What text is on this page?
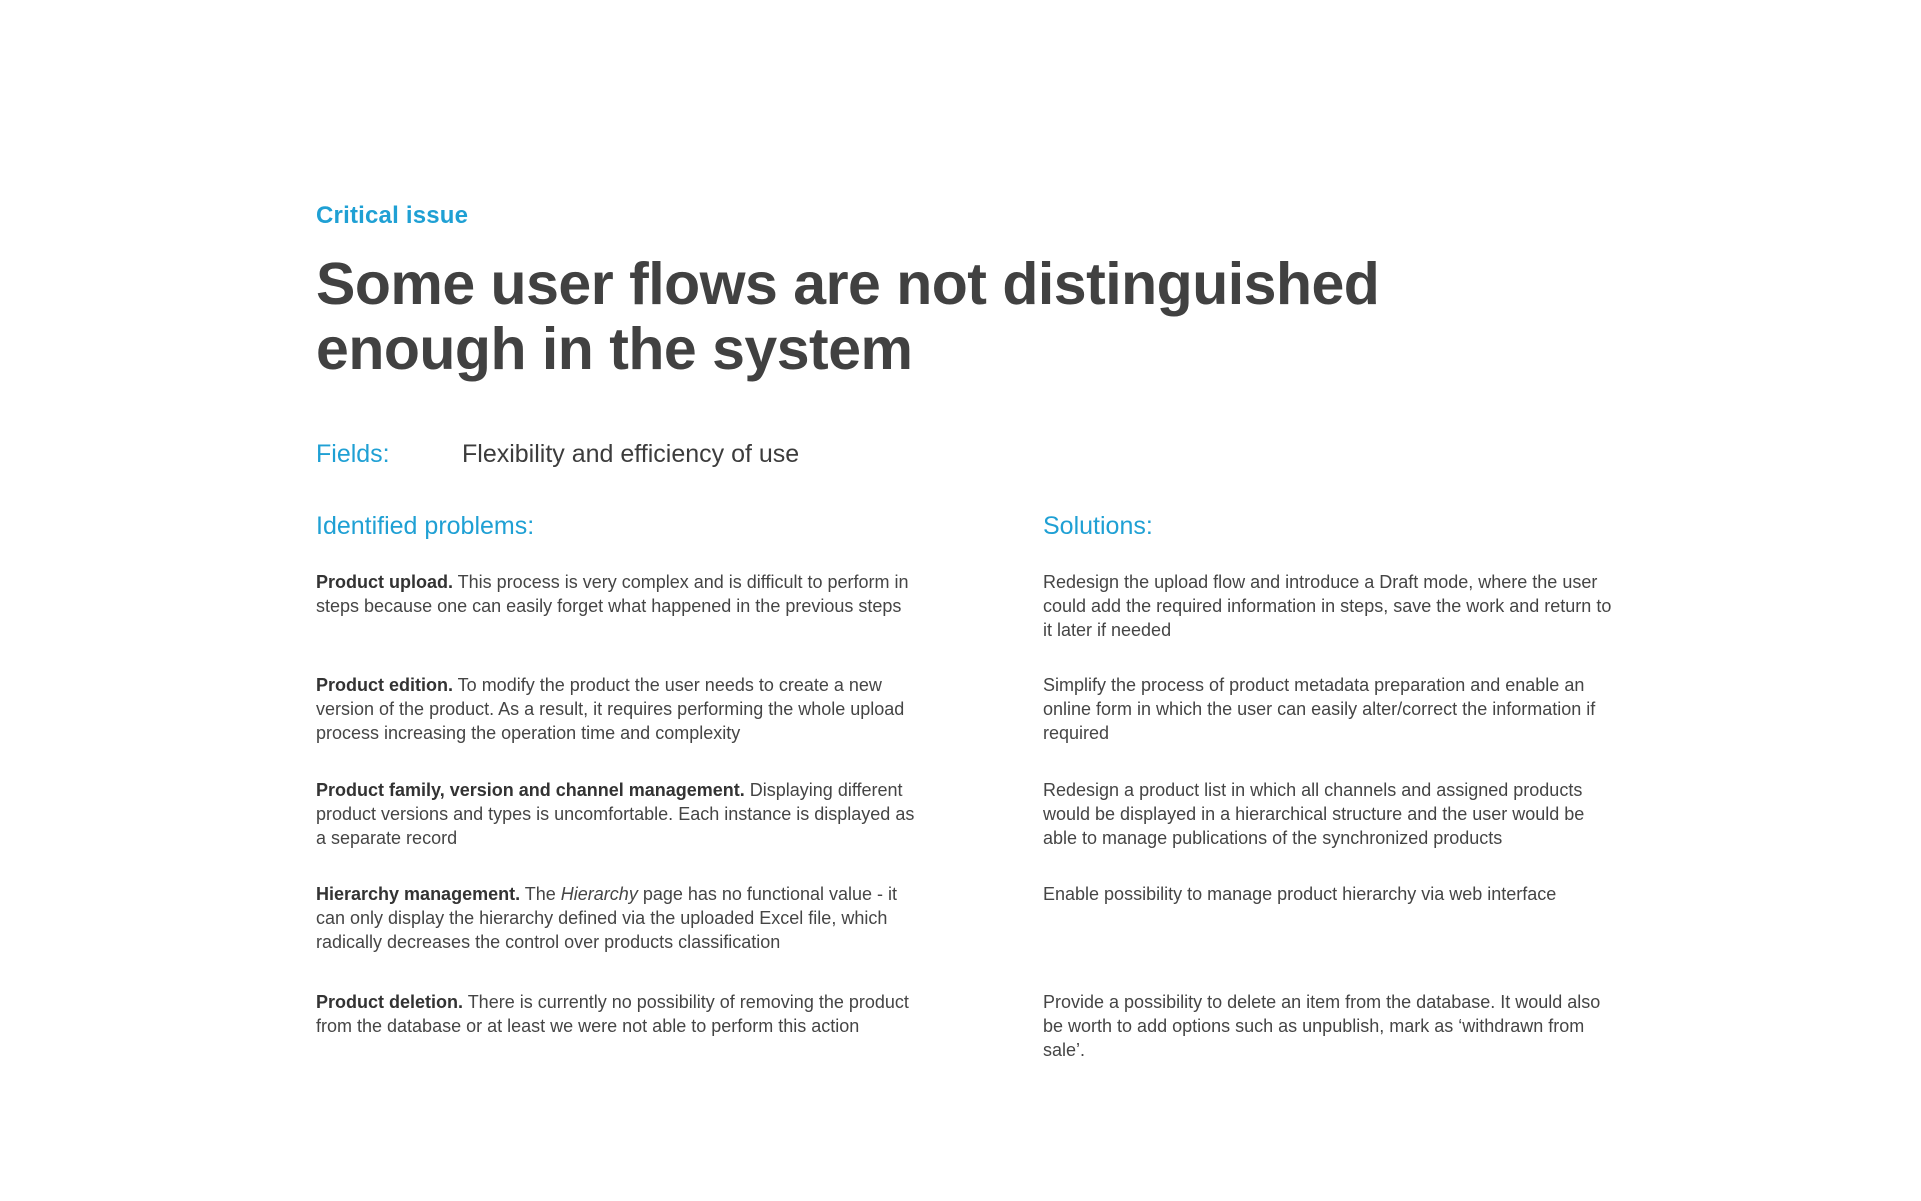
Critical issue
Some user flows are not distinguished enough in the system
Fields:	Flexibility and efficiency of use
Identified problems:	Solutions:

Product upload. This process is very complex and is difficult to perform in steps because one can easily forget what happened in the previous steps

Product edition. To modify the product the user needs to create a new version of the product. As a result, it requires performing the whole upload process increasing the operation time and complexity

Product family, version and channel management. Displaying different product versions and types is uncomfortable. Each instance is displayed as a separate record

Hierarchy management. The Hierarchy page has no functional value - it can only display the hierarchy defined via the uploaded Excel file, which radically decreases the control over products classification

Product deletion. There is currently no possibility of removing the product from the database or at least we were not able to perform this action

Redesign the upload flow and introduce a Draft mode, where the user could add the required information in steps, save the work and return to it later if needed

Simplify the process of product metadata preparation and enable an online form in which the user can easily alter/correct the information if required

Redesign a product list in which all channels and assigned products would be displayed in a hierarchical structure and the user would be able to manage publications of the synchronized products

Enable possibility to manage product hierarchy via web interface

Provide a possibility to delete an item from the database. It would also be worth to add options such as unpublish, mark as ‘withdrawn from sale’.
